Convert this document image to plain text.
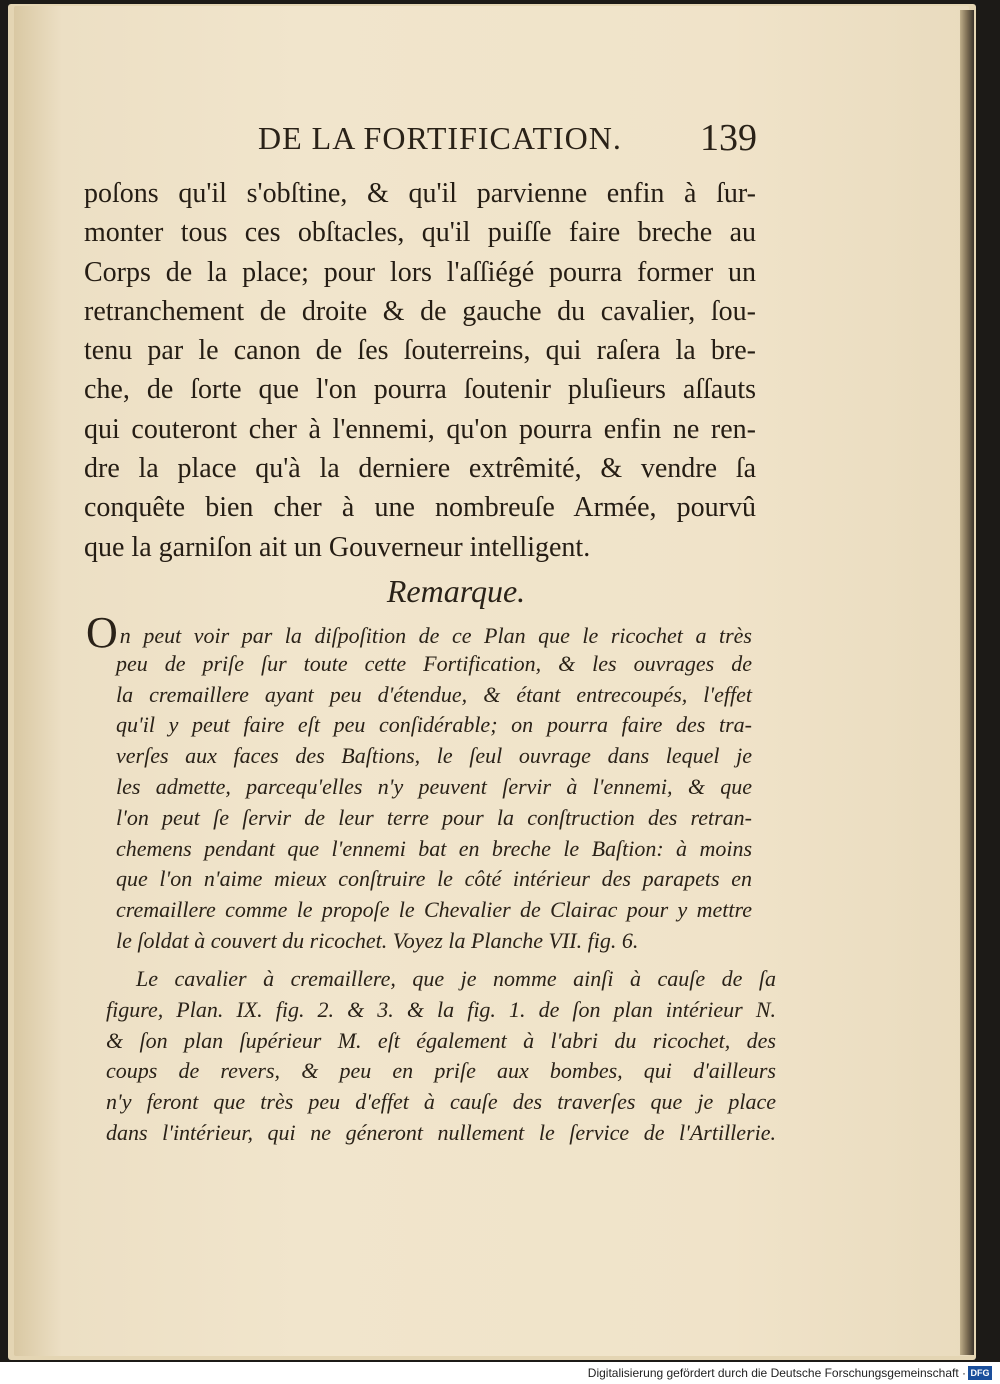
DE LA FORTIFICATION. 139
poſons qu'il s'obſtine, & qu'il parvienne enfin à ſur-
monter tous ces obſtacles, qu'il puiſſe faire breche au
Corps de la place; pour lors l'aſſiégé pourra former un
retranchement de droite & de gauche du cavalier, ſou-
tenu par le canon de ſes ſouterreins, qui raſera la bre-
che, de ſorte que l'on pourra ſoutenir pluſieurs aſſauts
qui couteront cher à l'ennemi, qu'on pourra enfin ne ren-
dre la place qu'à la derniere extrêmité, & vendre ſa
conquête bien cher à une nombreuſe Armée, pourvû
que la garniſon ait un Gouverneur intelligent.
Remarque.
On peut voir par la diſpoſition de ce Plan que le ricochet a très
peu de priſe ſur toute cette Fortification, & les ouvrages de
la cremaillere ayant peu d'étendue, & étant entrecoupés, l'effet
qu'il y peut faire eſt peu conſidérable; on pourra faire des tra-
verſes aux faces des Baſtions, le ſeul ouvrage dans lequel je
les admette, parcequ'elles n'y peuvent ſervir à l'ennemi, & que
l'on peut ſe ſervir de leur terre pour la conſtruction des retran-
chemens pendant que l'ennemi bat en breche le Baſtion: à moins
que l'on n'aime mieux conſtruire le côté intérieur des parapets en
cremaillere comme le propoſe le Chevalier de Clairac pour y mettre
le ſoldat à couvert du ricochet. Voyez la Planche VII. fig. 6.
Le cavalier à cremaillere, que je nomme ainſi à cauſe de ſa
figure, Plan. IX. fig. 2. & 3. & la fig. 1. de ſon plan intérieur N.
& ſon plan ſupérieur M. eſt également à l'abri du ricochet, des
coups de revers, & peu en priſe aux bombes, qui d'ailleurs
n'y feront que très peu d'effet à cauſe des traverſes que je place
dans l'intérieur, qui ne géneront nullement le ſervice de l'Artillerie.
Digitalisierung gefördert durch die Deutsche Forschungsgemeinschaft · DFG
